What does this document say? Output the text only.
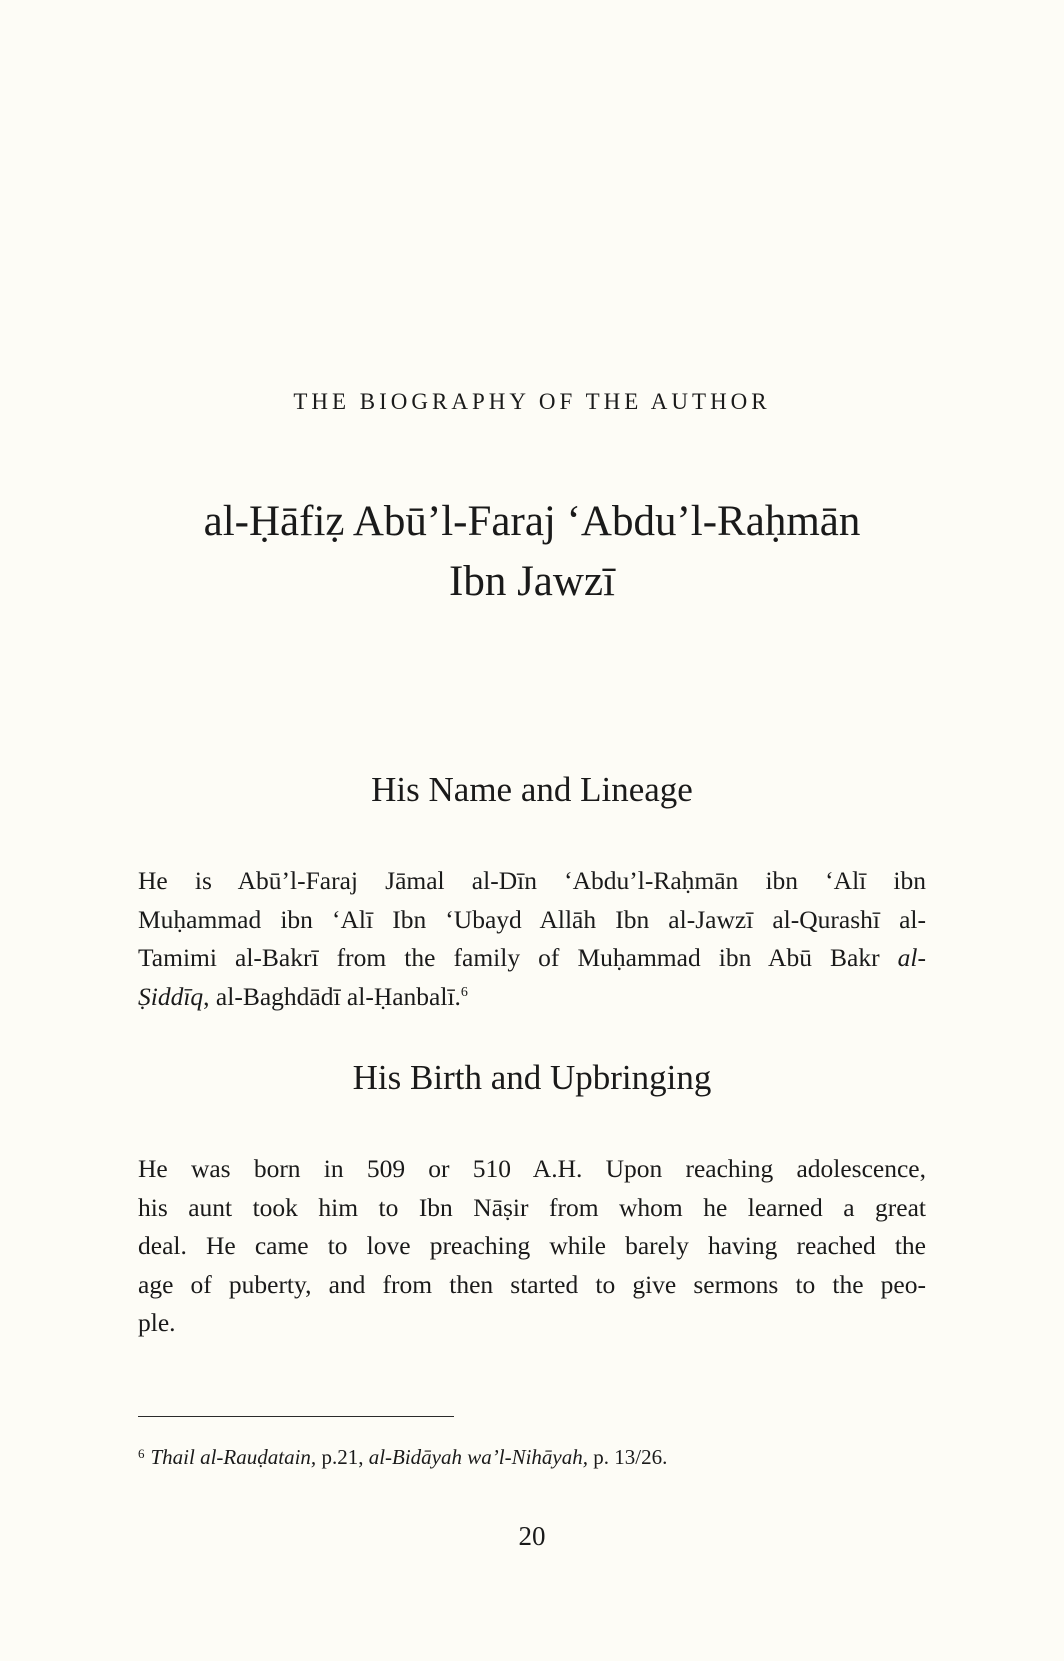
THE BIOGRAPHY OF THE AUTHOR
al-Ḥāfiẓ Abū’l-Faraj ‘Abdu’l-Raḥmān
Ibn Jawzī
His Name and Lineage
He is Abū’l-Faraj Jāmal al-Dīn ‘Abdu’l-Raḥmān ibn ‘Alī ibn
Muḥammad ibn ‘Alī Ibn ‘Ubayd Allāh Ibn al-Jawzī al-Qurashī al-
Tamimi al-Bakrī from the family of Muḥammad ibn Abū Bakr al-
Ṣiddīq, al-Baghdādī al-Ḥanbalī.$^6$
His Birth and Upbringing
He was born in 509 or 510 A.H. Upon reaching adolescence,
his aunt took him to Ibn Nāṣir from whom he learned a great
deal. He came to love preaching while barely having reached the
age of puberty, and from then started to give sermons to the peo-
ple.
$^6$ Thail al-Rauḍatain, p.21, al-Bidāyah wa’l-Nihāyah, p. 13/26.
20
